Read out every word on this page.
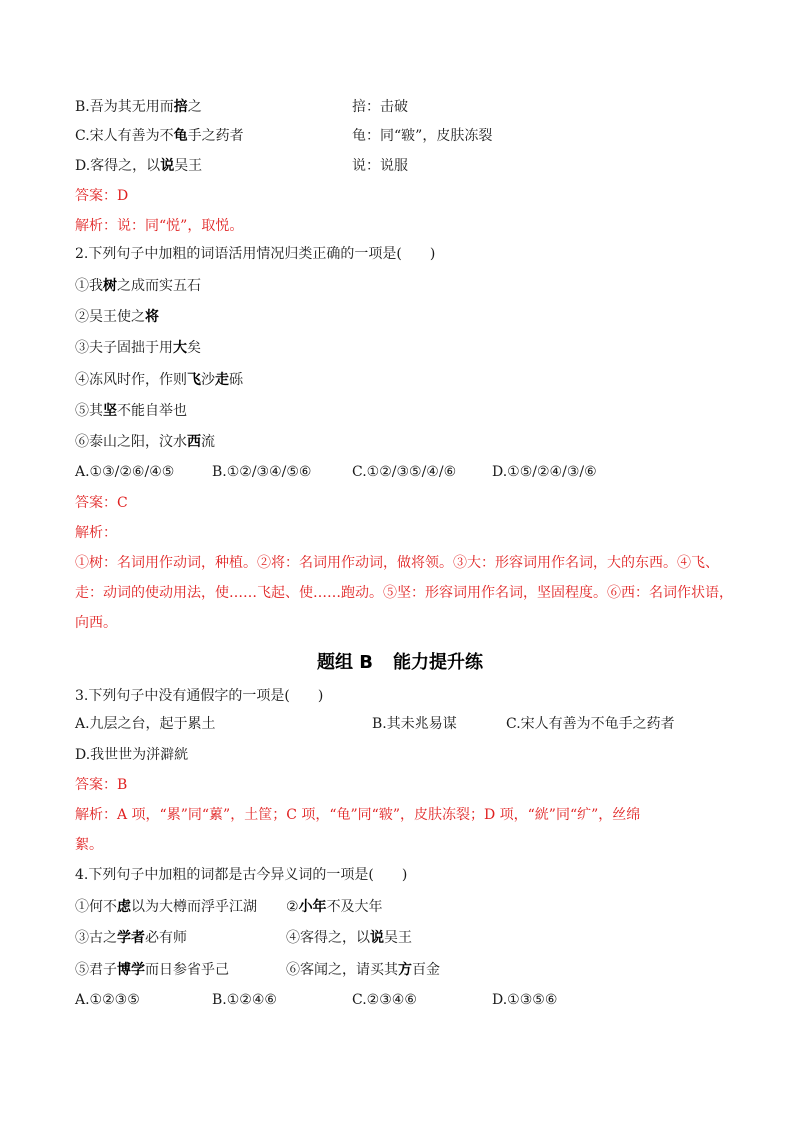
B.吾为其无用而掊之	掊：击破
C.宋人有善为不龟手之药者	龟：同“皲”，皮肤冻裂
D.客得之，以说吴王	说：说服
答案：D
解析：说：同“悦”，取悦。
2.下列句子中加粗的词语活用情况归类正确的一项是(　　)
①我树之成而实五石
②吴王使之将
③夫子固拙于用大矣
④冻风时作，作则飞沙走砾
⑤其坚不能自举也
⑥泰山之阳，汶水西流
A.①③/②⑥/④⑤	B.①②/③④/⑤⑥	C.①②/③⑤/④/⑥	D.①⑤/②④/③/⑥
答案：C
解析：
①树：名词用作动词，种植。②将：名词用作动词，做将领。③大：形容词用作名词，大的东西。④飞、
走：动词的使动用法，使……飞起、使……跑动。⑤坚：形容词用作名词，坚固程度。⑥西：名词作状语，
向西。
题组 B 能力提升练
3.下列句子中没有通假字的一项是(　　)
A.九层之台，起于累土	B.其未兆易谋	C.宋人有善为不龟手之药者
D.我世世为洴澼絖
答案：B
解析：A 项，“累”同“蔂”，土筐；C 项，“龟”同“皲”，皮肤冻裂；D 项，“絖”同“纩”，丝绵
絮。
4.下列句子中加粗的词都是古今异义词的一项是(　　)
①何不虑以为大樽而浮乎江湖 ②小年不及大年
③古之学者必有师	④客得之，以说吴王
⑤君子博学而日参省乎己	⑥客闻之，请买其方百金
A.①②③⑤	B.①②④⑥	C.②③④⑥	D.①③⑤⑥
